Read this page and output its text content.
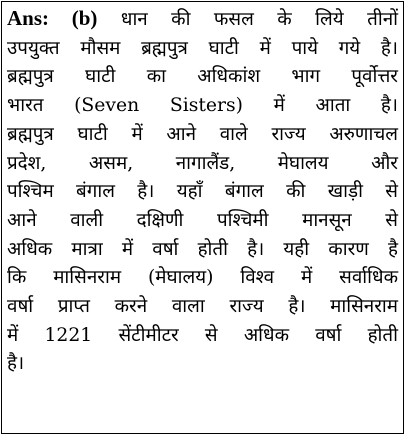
Ans: (b) धान की फसल के लिये तीनों
उपयुक्त मौसम ब्रह्मपुत्र घाटी में पाये गये है।
ब्रह्मपुत्र घाटी का अधिकांश भाग पूर्वोत्तर
भारत (Seven Sisters) में आता है।
ब्रह्मपुत्र घाटी में आने वाले राज्य अरुणाचल
प्रदेश, असम, नागालैंड, मेघालय और
पश्चिम बंगाल है। यहाँ बंगाल की खाड़ी से
आने वाली दक्षिणी पश्चिमी मानसून से
अधिक मात्रा में वर्षा होती है। यही कारण है
कि मासिनराम (मेघालय) विश्व में सर्वाधिक
वर्षा प्राप्त करने वाला राज्य है। मासिनराम
में 1221 सेंटीमीटर से अधिक वर्षा होती
है।
